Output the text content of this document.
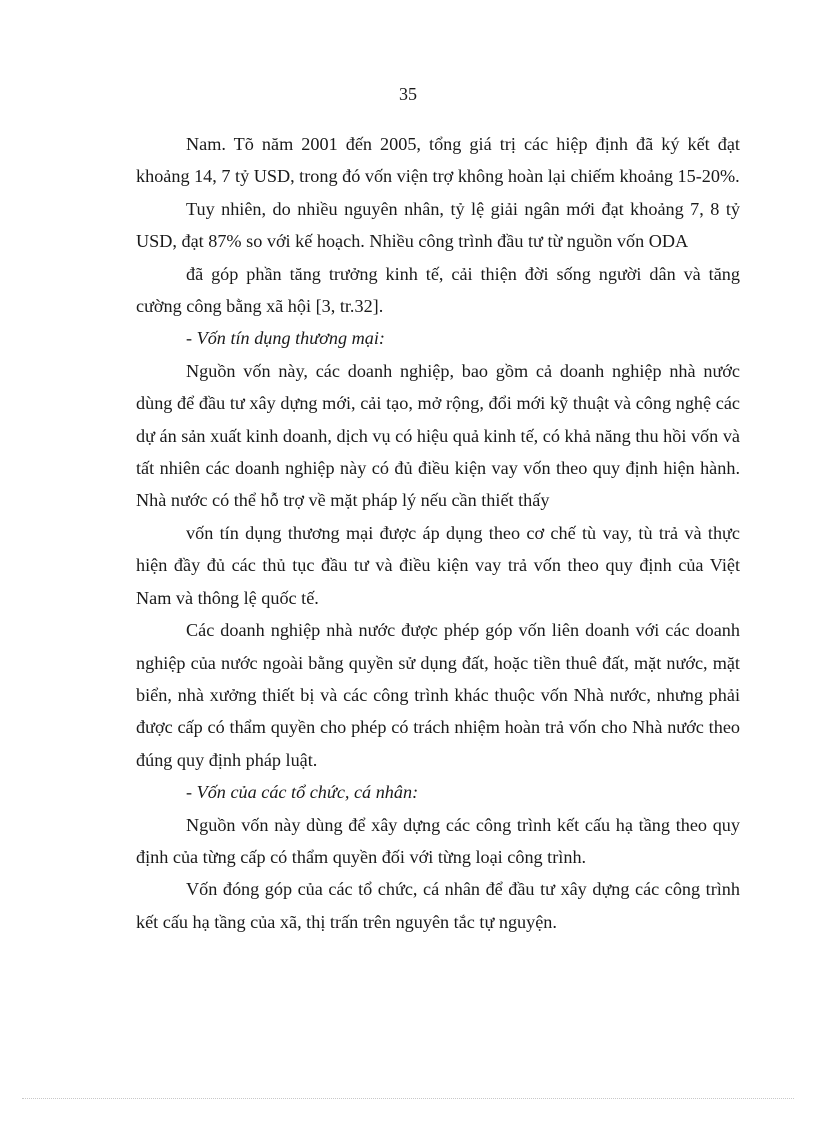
35

Nam. Tõ năm 2001 đến 2005, tổng giá trị các hiệp định đã ký kết đạt khoảng 14, 7 tỷ USD, trong đó vốn viện trợ không hoàn lại chiếm khoảng 15-20%.

Tuy nhiên, do nhiều nguyên nhân, tỷ lệ giải ngân mới đạt khoảng 7, 8 tỷ USD, đạt 87% so với kế hoạch. Nhiều công trình đầu tư từ nguồn vốn ODA

đã góp phần tăng trưởng kinh tế, cải thiện đời sống người dân và tăng cường công bằng xã hội [3, tr.32].

- Vốn tín dụng thương mại:

Nguồn vốn này, các doanh nghiệp, bao gồm cả doanh nghiệp nhà nước dùng để đầu tư xây dựng mới, cải tạo, mở rộng, đổi mới kỹ thuật và công nghệ các dự án sản xuất kinh doanh, dịch vụ có hiệu quả kinh tế, có khả năng thu hồi vốn và tất nhiên các doanh nghiệp này có đủ điều kiện vay vốn theo quy định hiện hành. Nhà nước có thể hỗ trợ về mặt pháp lý nếu cần thiết thấy

vốn tín dụng thương mại được áp dụng theo cơ chế tù vay, tù trả và thực hiện đầy đủ các thủ tục đầu tư và điều kiện vay trả vốn theo quy định của Việt Nam và thông lệ quốc tế.

Các doanh nghiệp nhà nước được phép góp vốn liên doanh với các doanh nghiệp của nước ngoài bằng quyền sử dụng đất, hoặc tiền thuê đất, mặt nước, mặt biển, nhà xưởng thiết bị và các công trình khác thuộc vốn Nhà nước, nhưng phải được cấp có thẩm quyền cho phép có trách nhiệm hoàn trả vốn cho Nhà nước theo đúng quy định pháp luật.

- Vốn của các tổ chức, cá nhân:

Nguồn vốn này dùng để xây dựng các công trình kết cấu hạ tầng theo quy định của từng cấp có thẩm quyền đối với từng loại công trình.

Vốn đóng góp của các tổ chức, cá nhân để đầu tư xây dựng các công trình kết cấu hạ tầng của xã, thị trấn trên nguyên tắc tự nguyện.
